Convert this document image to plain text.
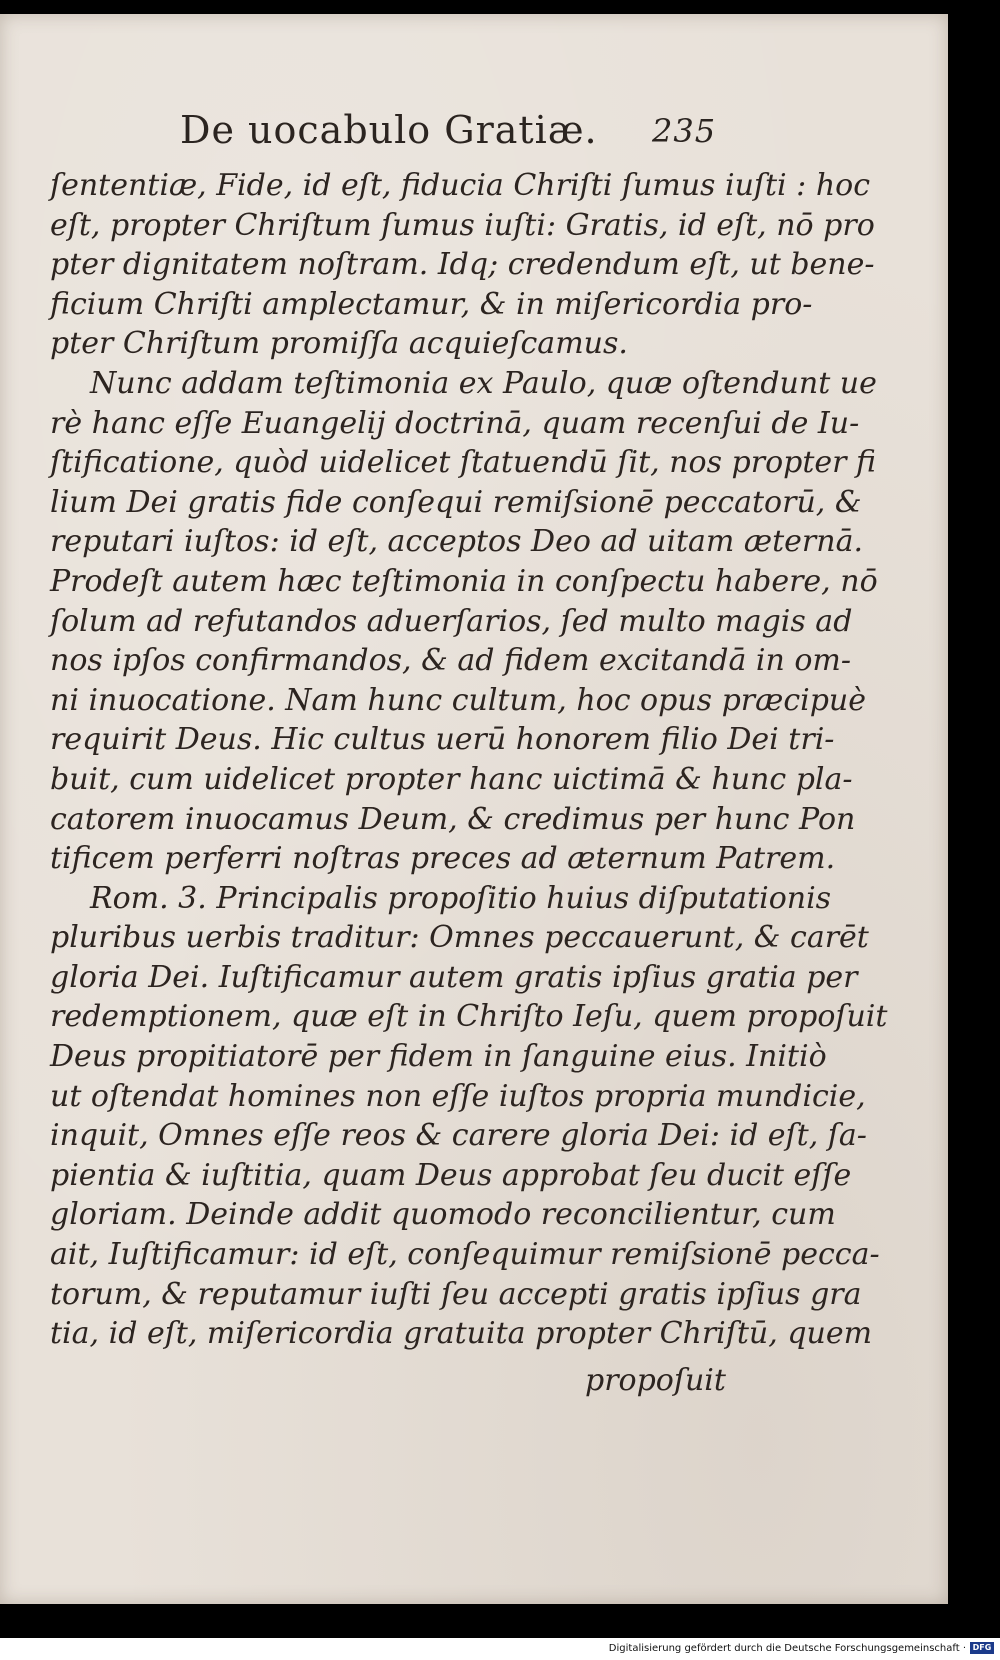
De uocabulo Gratiæ. 235
ſententiæ, Fide, id eſt, fiducia Chriſti ſumus iuſti : hoc
eſt, propter Chriſtum ſumus iuſti: Gratis, id eſt, nō pro
pter dignitatem noſtram. Idq; credendum eſt, ut bene-
ficium Chriſti amplectamur, & in miſericordia pro-
pter Chriſtum promiſſa acquieſcamus.
Nunc addam teſtimonia ex Paulo, quæ oſtendunt ue
rè hanc eſſe Euangelij doctrinā, quam recenſui de Iu-
ſtificatione, quòd uidelicet ſtatuendū ſit, nos propter fi
lium Dei gratis fide conſequi remiſsionē peccatorū, &
reputari iuſtos: id eſt, acceptos Deo ad uitam æternā.
Prodeſt autem hæc teſtimonia in conſpectu habere, nō
ſolum ad refutandos aduerſarios, ſed multo magis ad
nos ipſos confirmandos, & ad fidem excitandā in om-
ni inuocatione. Nam hunc cultum, hoc opus præcipuè
requirit Deus. Hic cultus uerū honorem filio Dei tri-
buit, cum uidelicet propter hanc uictimā & hunc pla-
catorem inuocamus Deum, & credimus per hunc Pon
tificem perferri noſtras preces ad æternum Patrem.
Rom. 3. Principalis propoſitio huius diſputationis
pluribus uerbis traditur: Omnes peccauerunt, & carēt
gloria Dei. Iuſtificamur autem gratis ipſius gratia per
redemptionem, quæ eſt in Chriſto Ieſu, quem propoſuit
Deus propitiatorē per fidem in ſanguine eius. Initiò
ut oſtendat homines non eſſe iuſtos propria mundicie,
inquit, Omnes eſſe reos & carere gloria Dei: id eſt, ſa-
pientia & iuſtitia, quam Deus approbat ſeu ducit eſſe
gloriam. Deinde addit quomodo reconcilientur, cum
ait, Iuſtificamur: id eſt, conſequimur remiſsionē pecca-
torum, & reputamur iuſti ſeu accepti gratis ipſius gra
tia, id eſt, miſericordia gratuita propter Chriſtū, quem
propoſuit
Digitalisierung gefördert durch die Deutsche Forschungsgemeinschaft · DFG
